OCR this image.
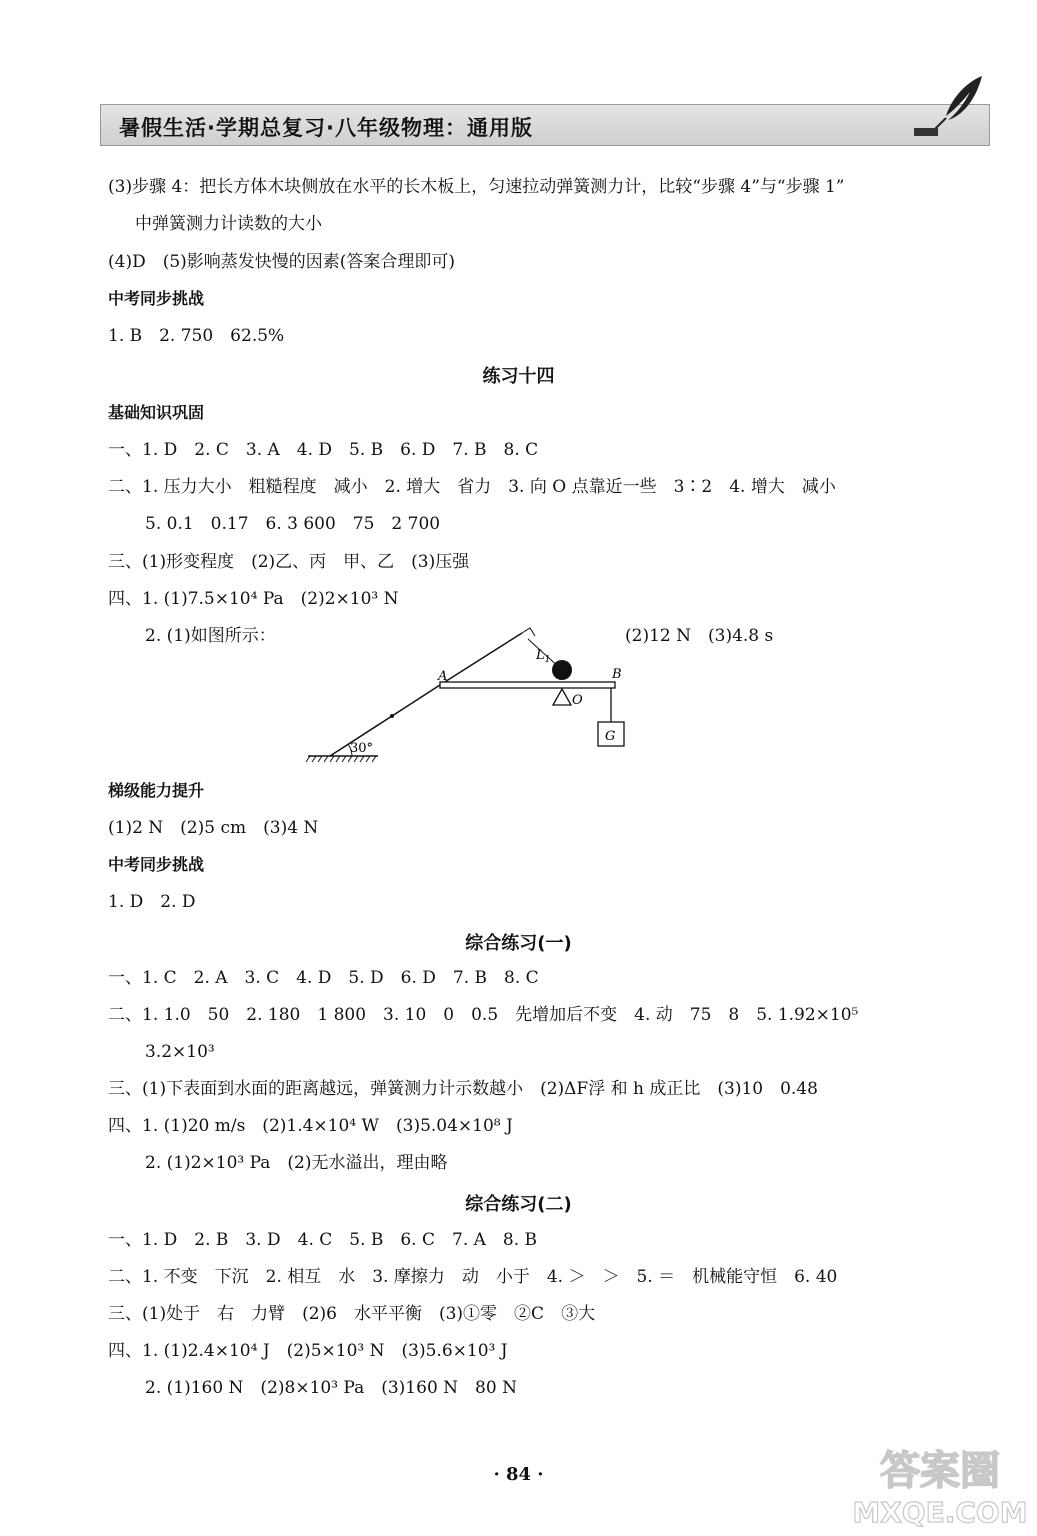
暑假生活·学期总复习·八年级物理：通用版
(3)步骤 4：把长方体木块侧放在水平的长木板上，匀速拉动弹簧测力计，比较“步骤 4”与“步骤 1”
中弹簧测力计读数的大小
(4)D　(5)影响蒸发快慢的因素(答案合理即可)
中考同步挑战
1. B　2. 750　62.5%
练习十四
基础知识巩固
一、1. D　2. C　3. A　4. D　5. B　6. D　7. B　8. C
二、1. 压力大小　粗糙程度　减小　2. 增大　省力　3. 向 O 点靠近一些　3∶2　4. 增大　减小
5. 0.1　0.17　6. 3 600　75　2 700
三、(1)形变程度　(2)乙、丙　甲、乙　(3)压强
四、1. (1)7.5×10⁴ Pa　(2)2×10³ N
2. (1)如图所示：	(2)12 N　(3)4.8 s
30°
$L_1$
O
A	B
G
梯级能力提升
(1)2 N　(2)5 cm　(3)4 N
中考同步挑战
1. D　2. D
综合练习(一)
一、1. C　2. A　3. C　4. D　5. D　6. D　7. B　8. C
二、1. 1.0　50　2. 180　1 800　3. 10　0　0.5　先增加后不变　4. 动　75　8　5. 1.92×10⁵
3.2×10³
三、(1)下表面到水面的距离越远，弹簧测力计示数越小　(2)ΔF浮 和 h 成正比　(3)10　0.48
四、1. (1)20 m/s　(2)1.4×10⁴ W　(3)5.04×10⁸ J
2. (1)2×10³ Pa　(2)无水溢出，理由略
综合练习(二)
一、1. D　2. B　3. D　4. C　5. B　6. C　7. A　8. B
二、1. 不变　下沉　2. 相互　水　3. 摩擦力　动　小于　4. ＞　＞　5. ＝　机械能守恒　6. 40
三、(1)处于　右　力臂　(2)6　水平平衡　(3)①零　②C　③大
四、1. (1)2.4×10⁴ J　(2)5×10³ N　(3)5.6×10³ J
2. (1)160 N　(2)8×10³ Pa　(3)160 N　80 N
· 84 ·	答案圈
MXQE.COM
